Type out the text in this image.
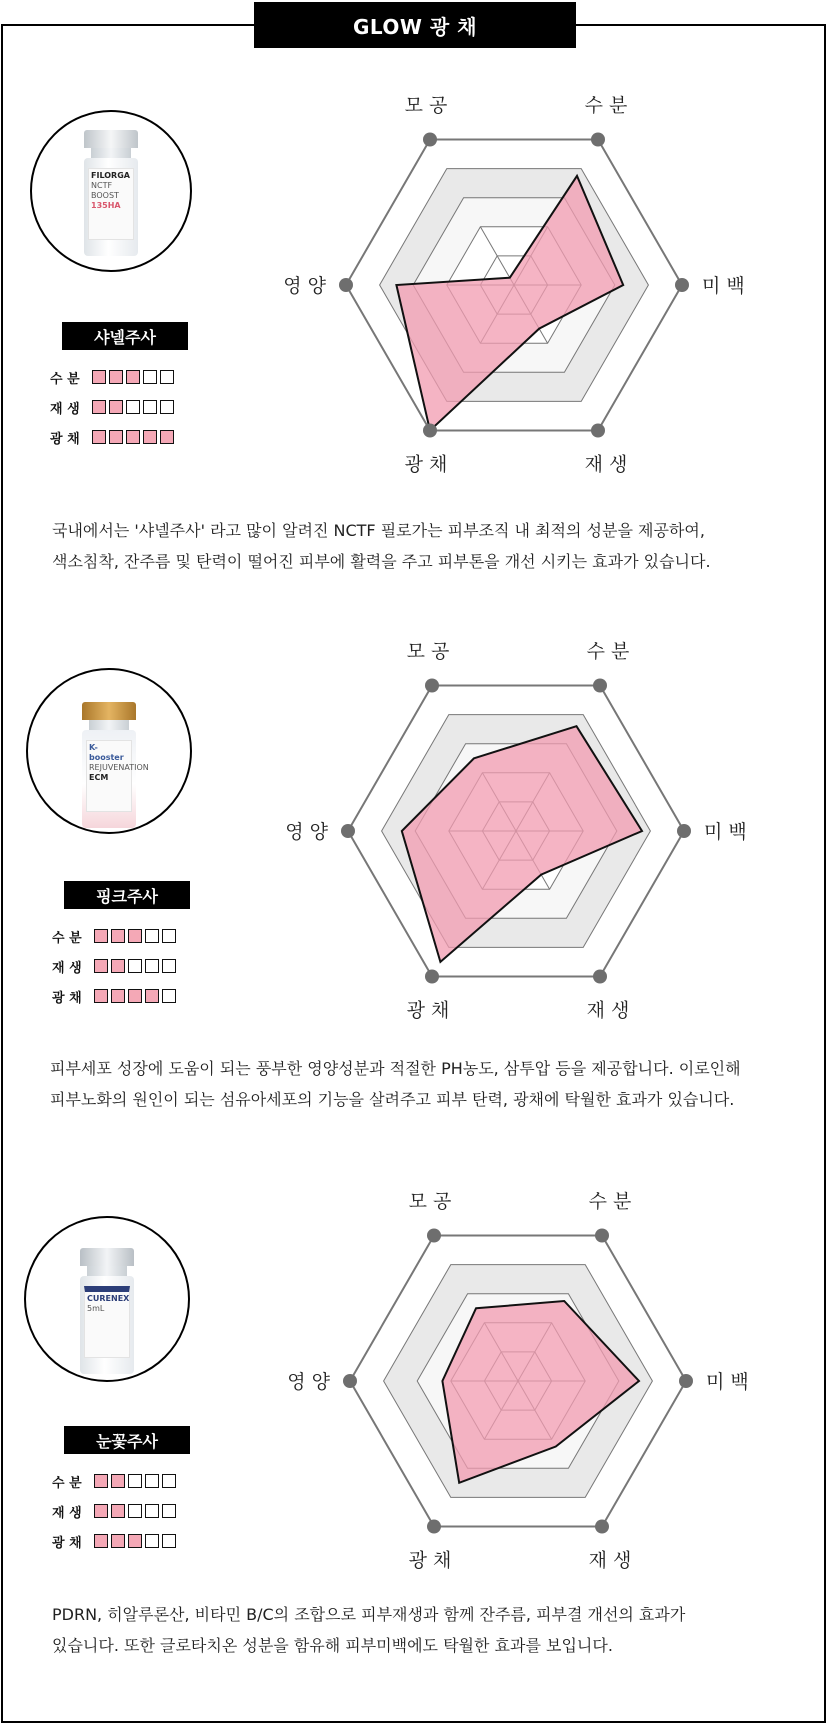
GLOW 광 채
FILORGA
NCTF BOOST
135HA
샤넬주사
수 분
재 생
광 채
모 공	수 분
미 백
재 생
광 채
영 양
국내에서는 '샤넬주사' 라고 많이 알려진 NCTF 필로가는 피부조직 내 최적의 성분을 제공하여,
색소침착, 잔주름 및 탄력이 떨어진 피부에 활력을 주고 피부톤을 개선 시키는 효과가 있습니다.
K-booster
REJUVENATION
ECM
핑크주사
수 분
재 생
광 채
모 공	수 분
미 백
재 생
광 채
영 양
피부세포 성장에 도움이 되는 풍부한 영양성분과 적절한 PH농도, 삼투압 등을 제공합니다. 이로인해
피부노화의 원인이 되는 섬유아세포의 기능을 살려주고 피부 탄력, 광채에 탁월한 효과가 있습니다.
CURENEX
5mL
눈꽃주사
수 분
재 생
광 채
모 공	수 분
미 백
재 생
광 채
영 양
PDRN, 히알루론산, 비타민 B/C의 조합으로 피부재생과 함께 잔주름, 피부결 개선의 효과가
있습니다. 또한 글로타치온 성분을 함유해 피부미백에도 탁월한 효과를 보입니다.
